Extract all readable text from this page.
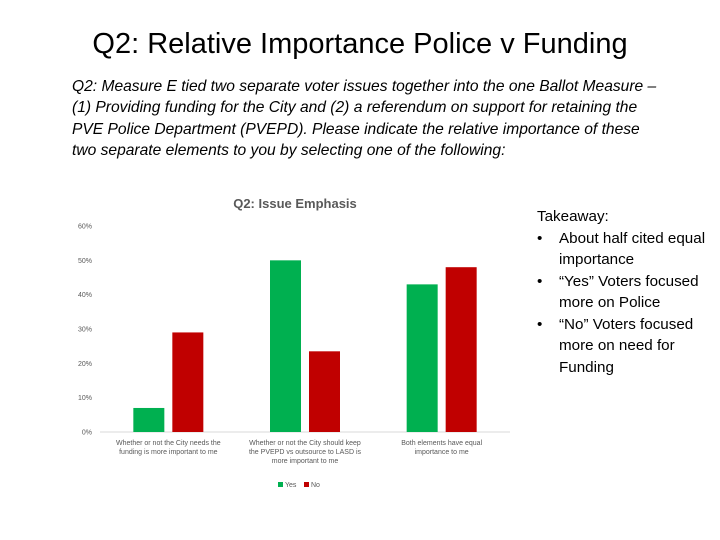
Q2: Relative Importance Police v Funding
Q2: Measure E tied two separate voter issues together into the one Ballot Measure – (1) Providing funding for the City and (2) a referendum on support for retaining the PVE Police Department (PVEPD). Please indicate the relative importance of these two separate elements to you by selecting one of the following:
Q2: Issue Emphasis
0%
10%
20%
30%
40%
50%
60%
Whether or not the City needs the
funding is more important to me
Whether or not the City should keep
the PVEPD vs outsource to LASD is
more important to me
Both elements have equal
importance to me
Yes No
Takeaway:
• About half cited equal importance
• “Yes” Voters focused more on Police
• “No” Voters focused more on need for Funding
